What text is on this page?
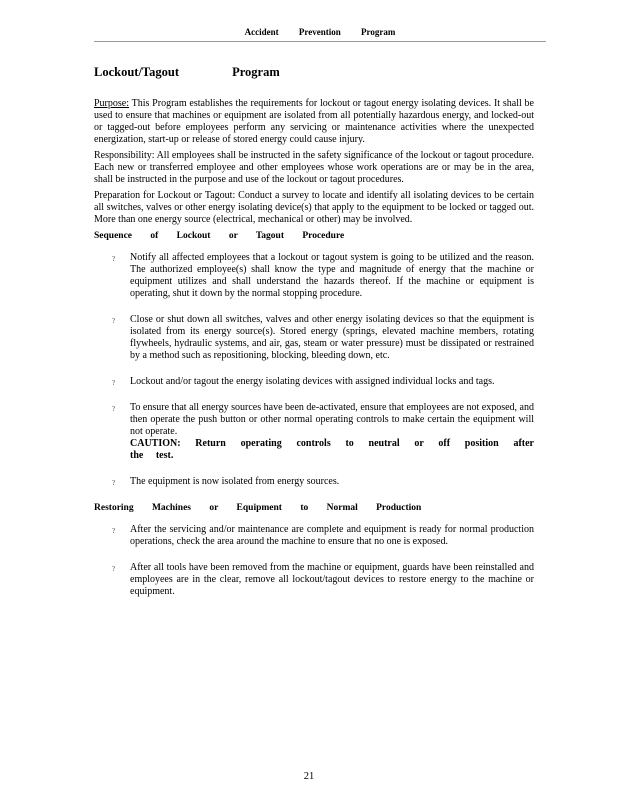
Accident Prevention Program
Lockout/Tagout Program

Purpose: This Program establishes the requirements for lockout or tagout energy isolating devices. It shall be used to ensure that machines or equipment are isolated from all potentially hazardous energy, and locked-out or tagged-out before employees perform any servicing or maintenance activities where the unexpected energization, start-up or release of stored energy could cause injury.

Responsibility: All employees shall be instructed in the safety significance of the lockout or tagout procedure. Each new or transferred employee and other employees whose work operations are or may be in the area, shall be instructed in the purpose and use of the lockout or tagout procedures.

Preparation for Lockout or Tagout: Conduct a survey to locate and identify all isolating devices to be certain all switches, valves or other energy isolating device(s) that apply to the equipment to be locked or tagged out. More than one energy source (electrical, mechanical or other) may be involved.

Sequence of Lockout or Tagout Procedure
? Notify all affected employees that a lockout or tagout system is going to be utilized and the reason. The authorized employee(s) shall know the type and magnitude of energy that the machine or equipment utilizes and shall understand the hazards thereof. If the machine or equipment is operating, shut it down by the normal stopping procedure.
? Close or shut down all switches, valves and other energy isolating devices so that the equipment is isolated from its energy source(s). Stored energy (springs, elevated machine members, rotating flywheels, hydraulic systems, and air, gas, steam or water pressure) must be dissipated or restrained by a method such as repositioning, blocking, bleeding down, etc.
? Lockout and/or tagout the energy isolating devices with assigned individual locks and tags.
? To ensure that all energy sources have been de-activated, ensure that employees are not exposed, and then operate the push button or other normal operating controls to make certain the equipment will not operate.
CAUTION: Return operating controls to neutral or off position after the test.
? The equipment is now isolated from energy sources.
Restoring Machines or Equipment to Normal Production
? After the servicing and/or maintenance are complete and equipment is ready for normal production operations, check the area around the machine to ensure that no one is exposed.
? After all tools have been removed from the machine or equipment, guards have been reinstalled and employees are in the clear, remove all lockout/tagout devices to restore energy to the machine or equipment.
21
